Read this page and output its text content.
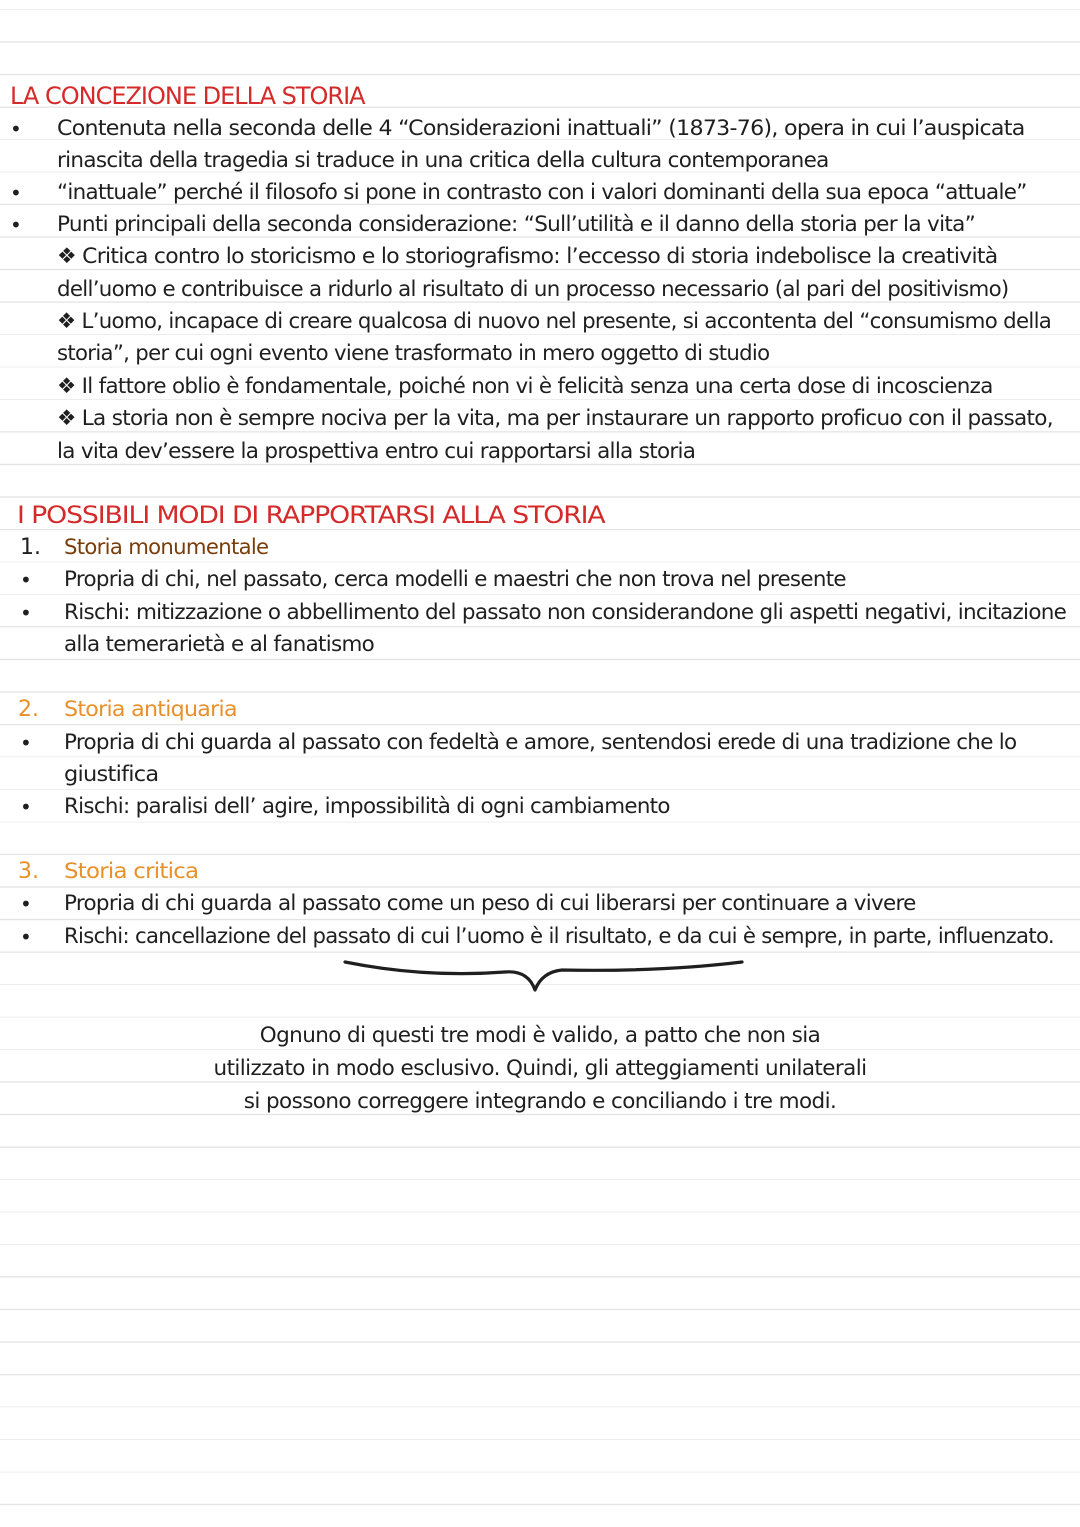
LA CONCEZIONE DELLA STORIA
• Contenuta nella seconda delle 4 “Considerazioni inattuali” (1873-76), opera in cui l’auspicata
rinascita della tragedia si traduce in una critica della cultura contemporanea
• “inattuale” perché il filosofo si pone in contrasto con i valori dominanti della sua epoca “attuale”
• Punti principali della seconda considerazione: “Sull’utilità e il danno della storia per la vita”
❖ Critica contro lo storicismo e lo storiografismo: l’eccesso di storia indebolisce la creatività
dell’uomo e contribuisce a ridurlo al risultato di un processo necessario (al pari del positivismo)
❖ L’uomo, incapace di creare qualcosa di nuovo nel presente, si accontenta del “consumismo della
storia”, per cui ogni evento viene trasformato in mero oggetto di studio
❖ Il fattore oblio è fondamentale, poiché non vi è felicità senza una certa dose di incoscienza
❖ La storia non è sempre nociva per la vita, ma per instaurare un rapporto proficuo con il passato,
la vita dev’essere la prospettiva entro cui rapportarsi alla storia
I POSSIBILI MODI DI RAPPORTARSI ALLA STORIA
1. Storia monumentale
• Propria di chi, nel passato, cerca modelli e maestri che non trova nel presente
• Rischi: mitizzazione o abbellimento del passato non considerandone gli aspetti negativi, incitazione
alla temerarietà e al fanatismo
2. Storia antiquaria
• Propria di chi guarda al passato con fedeltà e amore, sentendosi erede di una tradizione che lo
giustifica
• Rischi: paralisi dell’ agire, impossibilità di ogni cambiamento
3. Storia critica
• Propria di chi guarda al passato come un peso di cui liberarsi per continuare a vivere
• Rischi: cancellazione del passato di cui l’uomo è il risultato, e da cui è sempre, in parte, influenzato.
Ognuno di questi tre modi è valido, a patto che non sia
utilizzato in modo esclusivo. Quindi, gli atteggiamenti unilaterali
si possono correggere integrando e conciliando i tre modi.
